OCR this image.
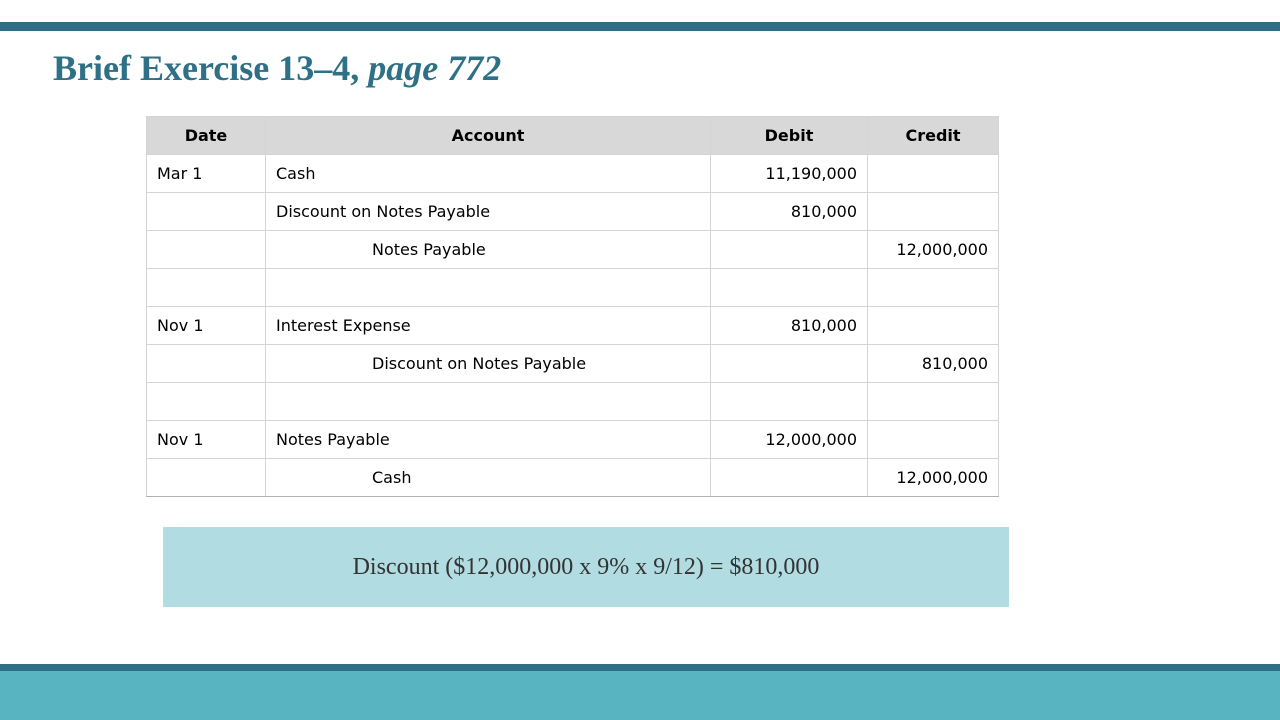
Brief Exercise 13–4, page 772
Date	Account	Debit	Credit
Mar 1	Cash	11,190,000	
	Discount on Notes Payable	810,000	
	Notes Payable		12,000,000

Nov 1	Interest Expense	810,000	
	Discount on Notes Payable		810,000

Nov 1	Notes Payable	12,000,000	
	Cash		12,000,000
Discount ($12,000,000 x 9% x 9/12) = $810,000
